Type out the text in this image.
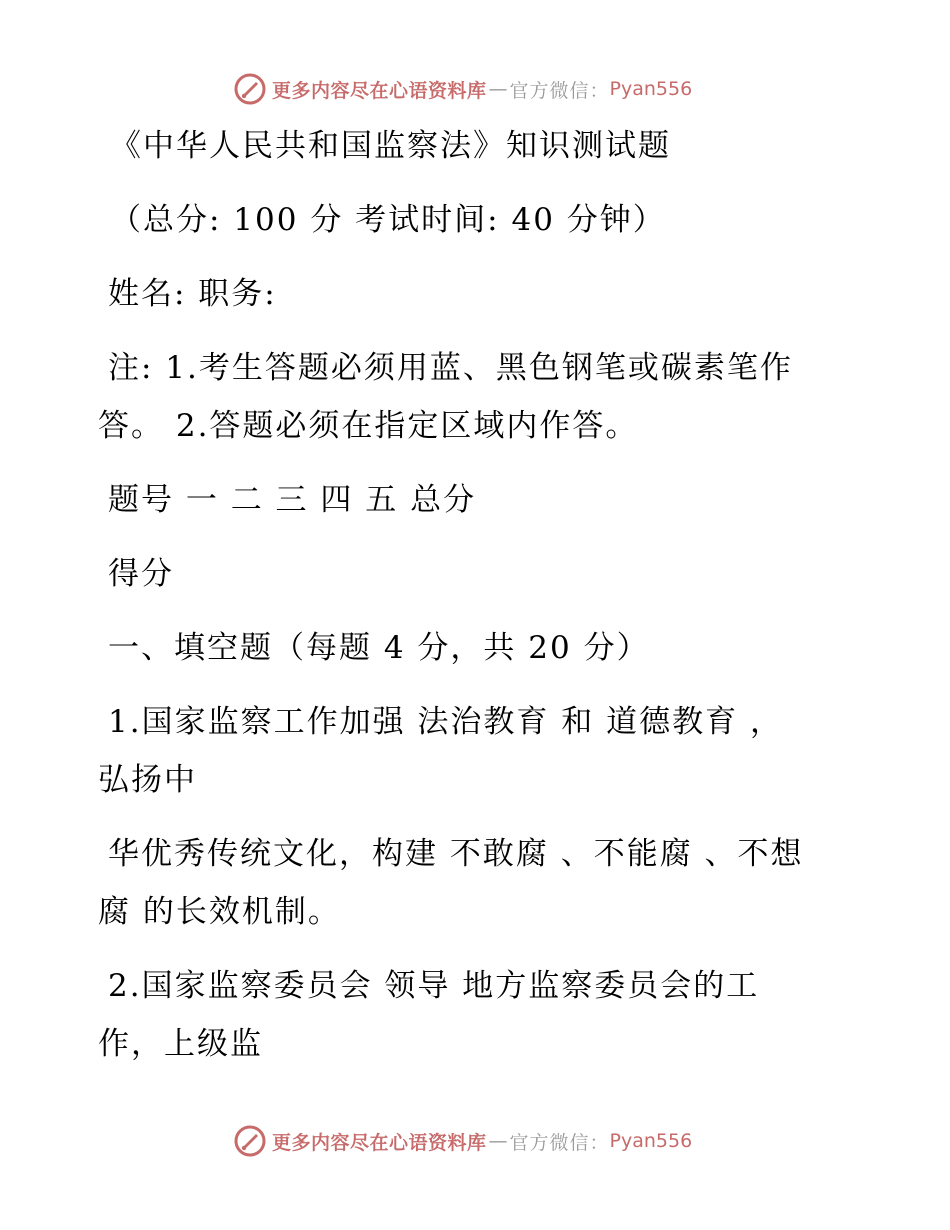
更多内容尽在心语资料库 — 官方微信： Pyan556
《中华人民共和国监察法》知识测试题
（总分: 100 分 考试时间: 40 分钟）
姓名: 职务:
注: 1.考生答题必须用蓝、黑色钢笔或碳素笔作
答。 2.答题必须在指定区域内作答。
题号 一 二 三 四 五 总分
得分
一、填空题（每题 4 分，共 20 分）
1.国家监察工作加强 法治教育 和 道德教育 ，
弘扬中
华优秀传统文化，构建 不敢腐 、不能腐 、不想
腐 的长效机制。
2.国家监察委员会 领导 地方监察委员会的工
作，上级监
更多内容尽在心语资料库 — 官方微信： Pyan556
